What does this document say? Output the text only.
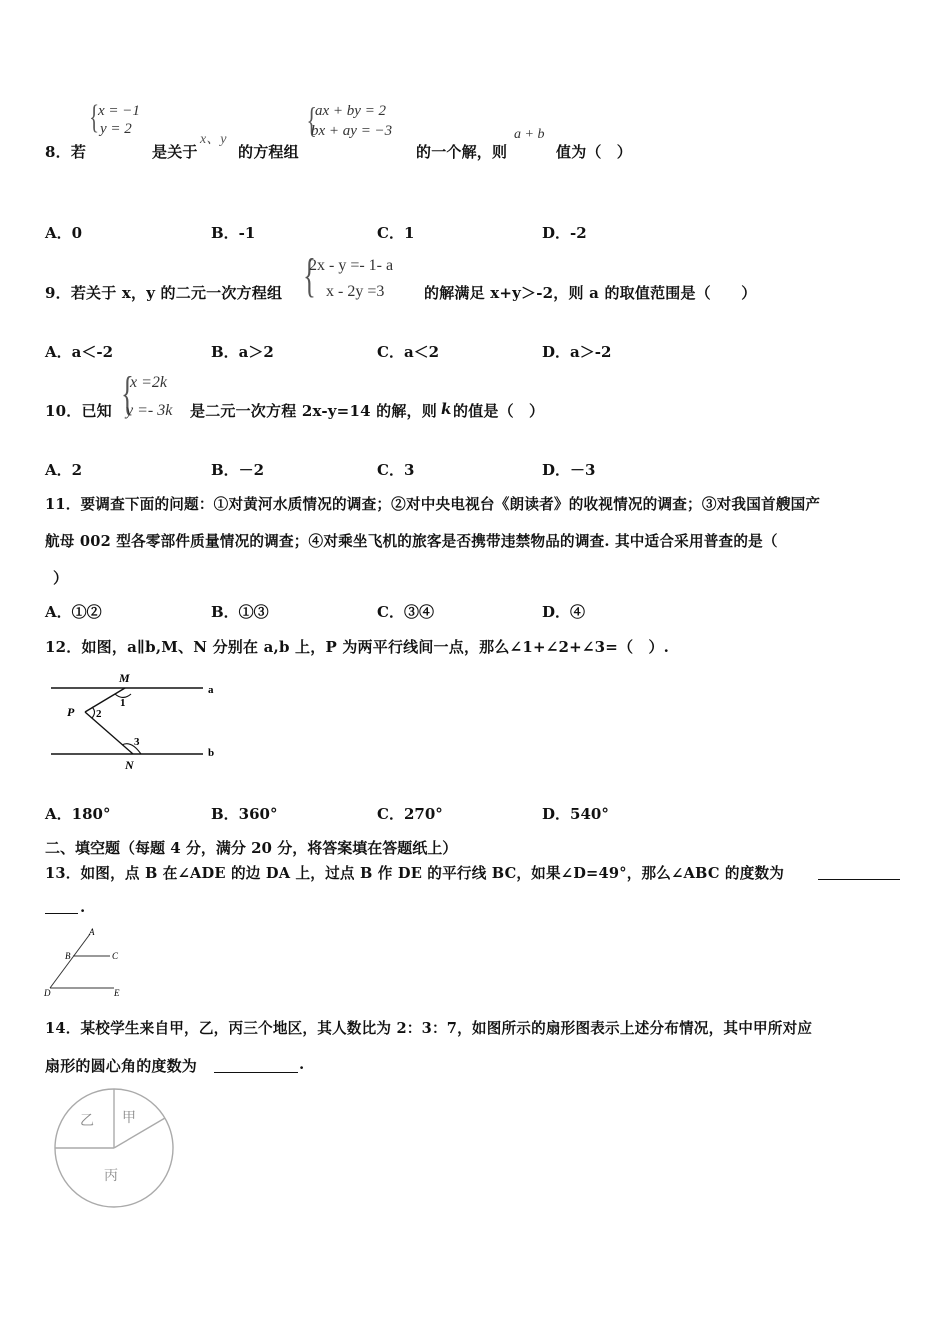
8．若
{
x = −1
y = 2
是关于
x、y
的方程组
{
ax + by = 2
bx + ay = −3
的一个解，则
a + b
值为（　）
A．0	B．-1	C．1	D．-2
9．若关于 x，y 的二元一次方程组 {
2x - y =- 1- a
x - 2y =3	的解满足 x+y＞-2，则 a 的取值范围是（　　）
A．a＜-2	B．a＞2	C．a＜2	D．a＞-2
10．已知 {
x =2k
y =- 3k 是二元一次方程 2x-y=14 的解，则 k 的值是（　）
A．2	B．－2	C．3	D．－3
11．要调查下面的问题：①对黄河水质情况的调查；②对中央电视台《朗读者》的收视情况的调查；③对我国首艘国产
航母 002 型各零部件质量情况的调查；④对乘坐飞机的旅客是否携带违禁物品的调查. 其中适合采用普查的是（
）
A．①②	B．①③	C．③④	D．④
12．如图，a∥b,M、N 分别在 a,b 上，P 为两平行线间一点，那么∠1+∠2+∠3=（　）.
M
N
P
a
b
1
2
3
A．180°	B．360°	C．270°	D．540°
二、填空题（每题 4 分，满分 20 分，将答案填在答题纸上）
13．如图，点 B 在∠ADE 的边 DA 上，过点 B 作 DE 的平行线 BC，如果∠D=49°，那么∠ABC 的度数为
.
A
B	C
D	E
14．某校学生来自甲，乙，丙三个地区，其人数比为 2：3：7，如图所示的扇形图表示上述分布情况，其中甲所对应
扇形的圆心角的度数为	.
乙 甲
丙
